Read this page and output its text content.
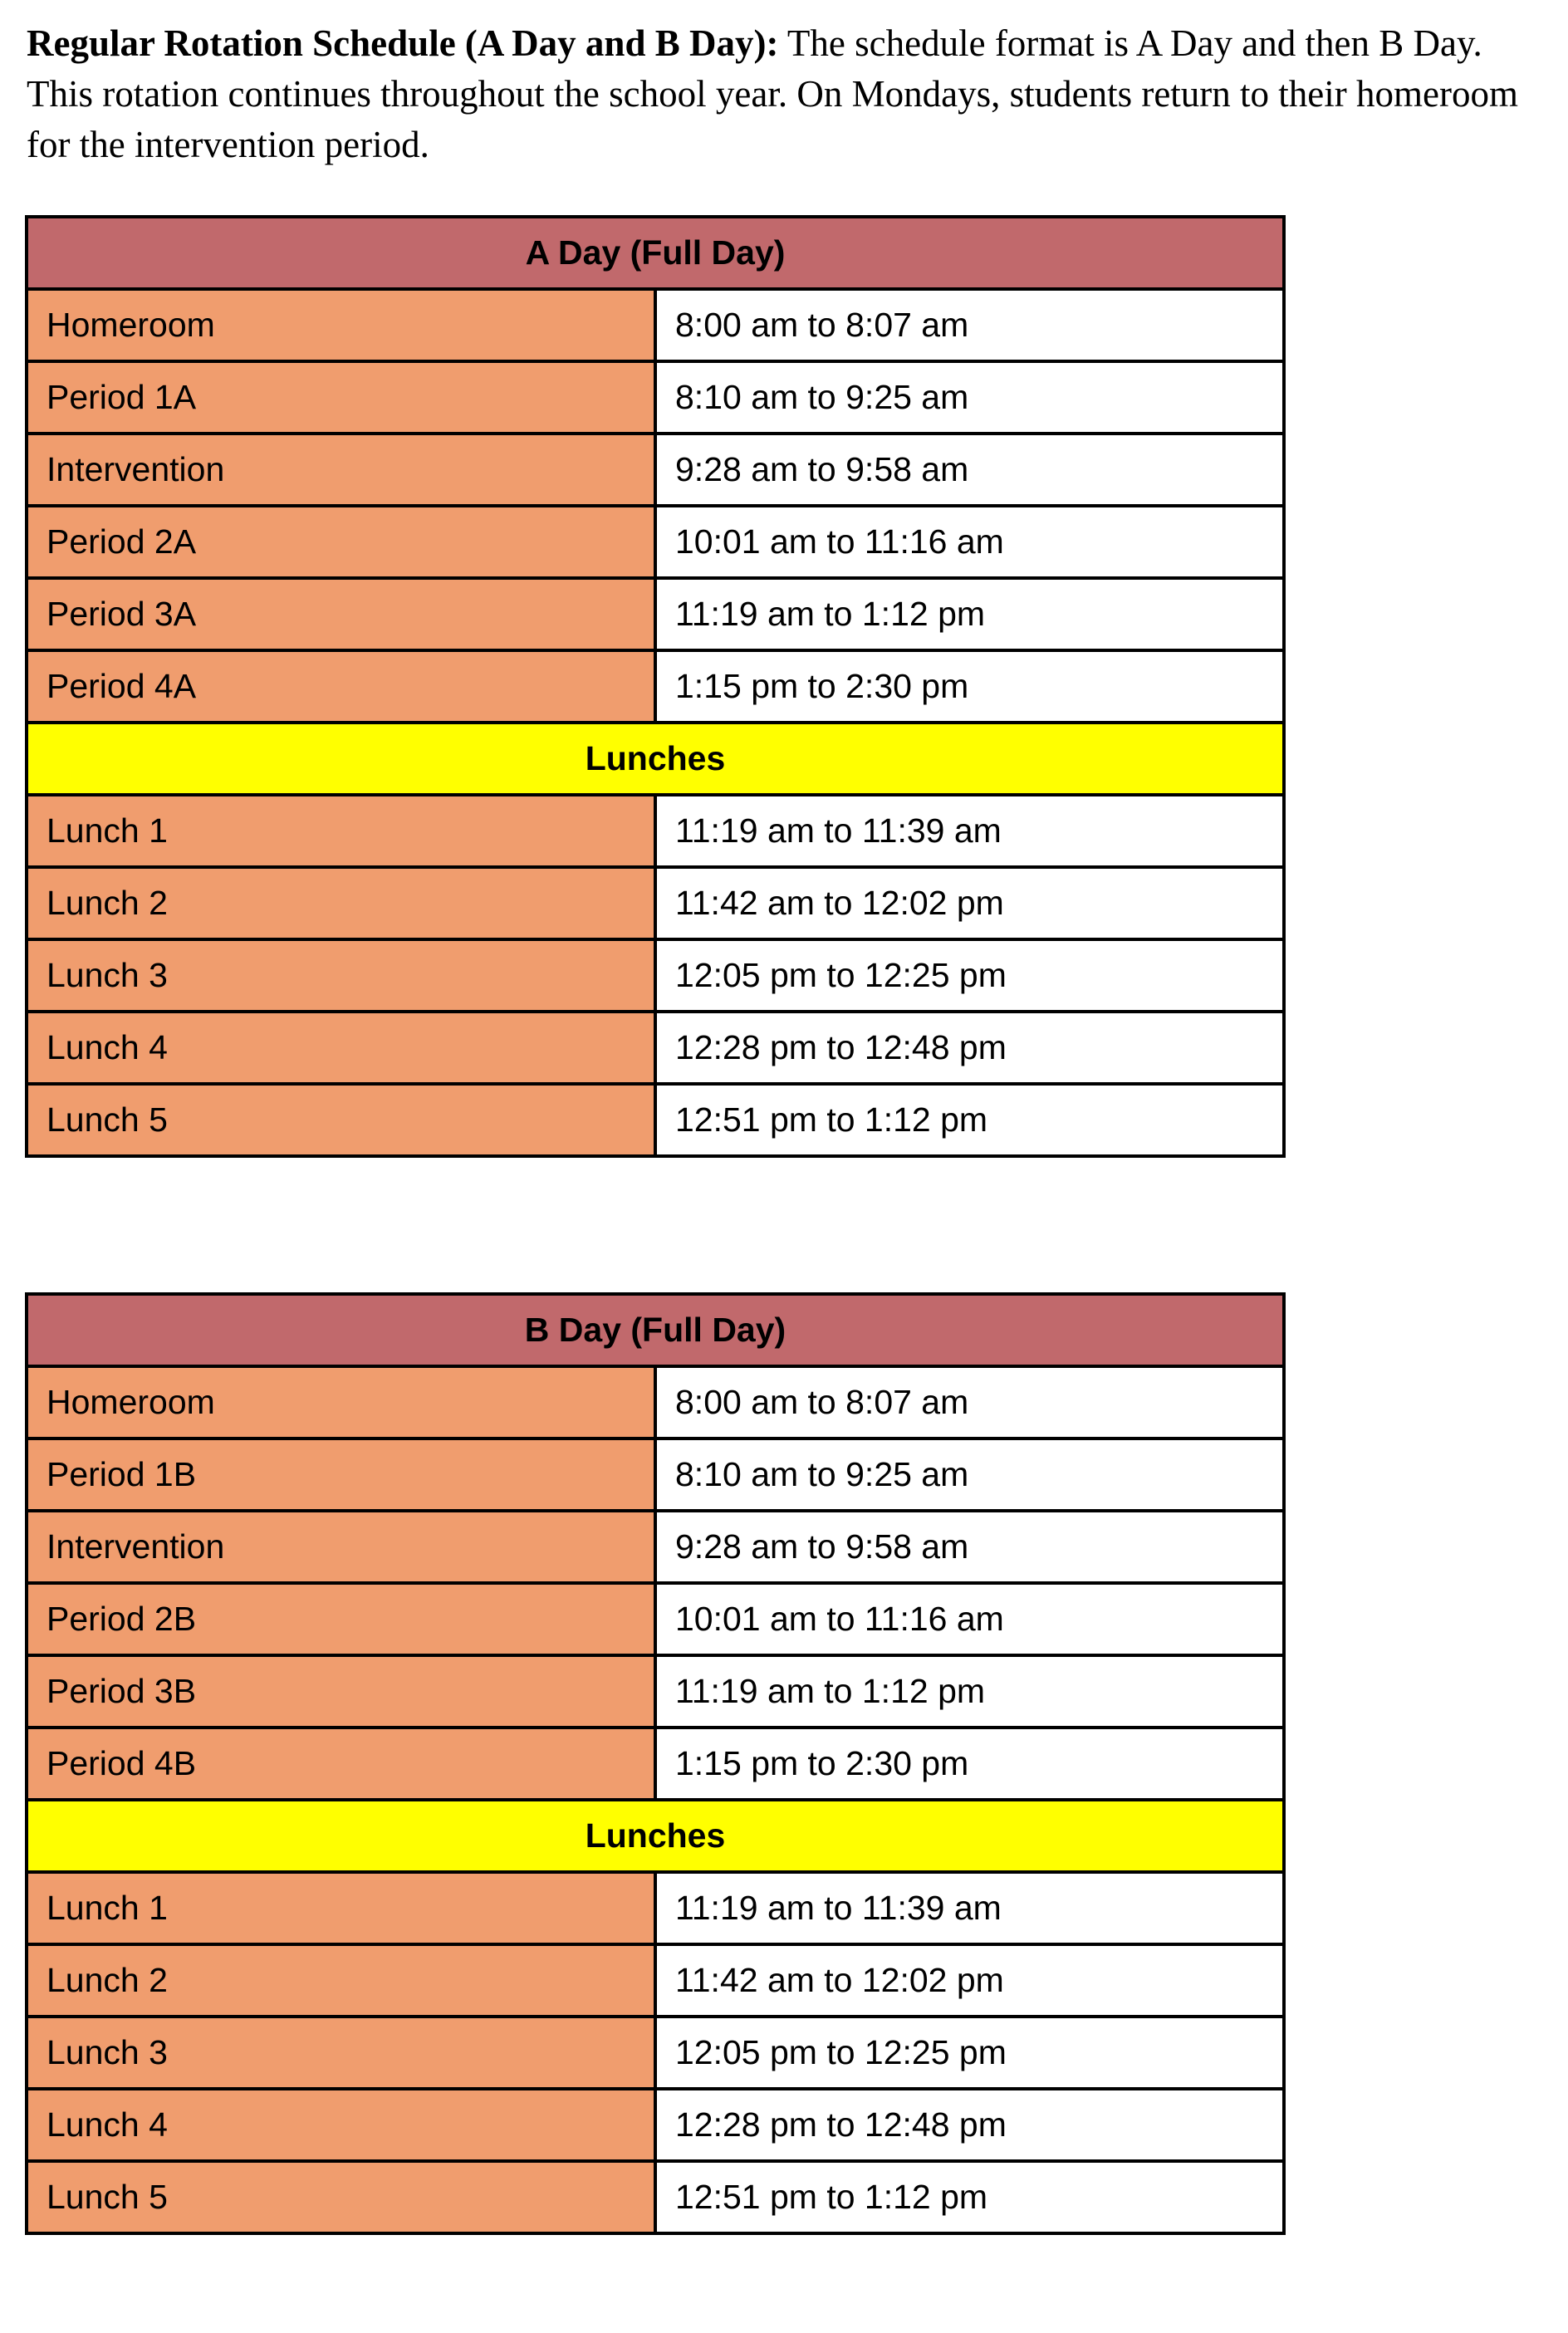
Regular Rotation Schedule (A Day and B Day): The schedule format is A Day and then B Day. This rotation continues throughout the school year. On Mondays, students return to their homeroom for the intervention period.

A Day (Full Day)	
Homeroom	8:00 am to 8:07 am
Period 1A	8:10 am to 9:25 am
Intervention	9:28 am to 9:58 am
Period 2A	10:01 am to 11:16 am
Period 3A	11:19 am to 1:12 pm
Period 4A	1:15 pm to 2:30 pm
Lunches	
Lunch 1	11:19 am to 11:39 am
Lunch 2	11:42 am to 12:02 pm
Lunch 3	12:05 pm to 12:25 pm
Lunch 4	12:28 pm to 12:48 pm
Lunch 5	12:51 pm to 1:12 pm
B Day (Full Day)	
Homeroom	8:00 am to 8:07 am
Period 1B	8:10 am to 9:25 am
Intervention	9:28 am to 9:58 am
Period 2B	10:01 am to 11:16 am
Period 3B	11:19 am to 1:12 pm
Period 4B	1:15 pm to 2:30 pm
Lunches	
Lunch 1	11:19 am to 11:39 am
Lunch 2	11:42 am to 12:02 pm
Lunch 3	12:05 pm to 12:25 pm
Lunch 4	12:28 pm to 12:48 pm
Lunch 5	12:51 pm to 1:12 pm
